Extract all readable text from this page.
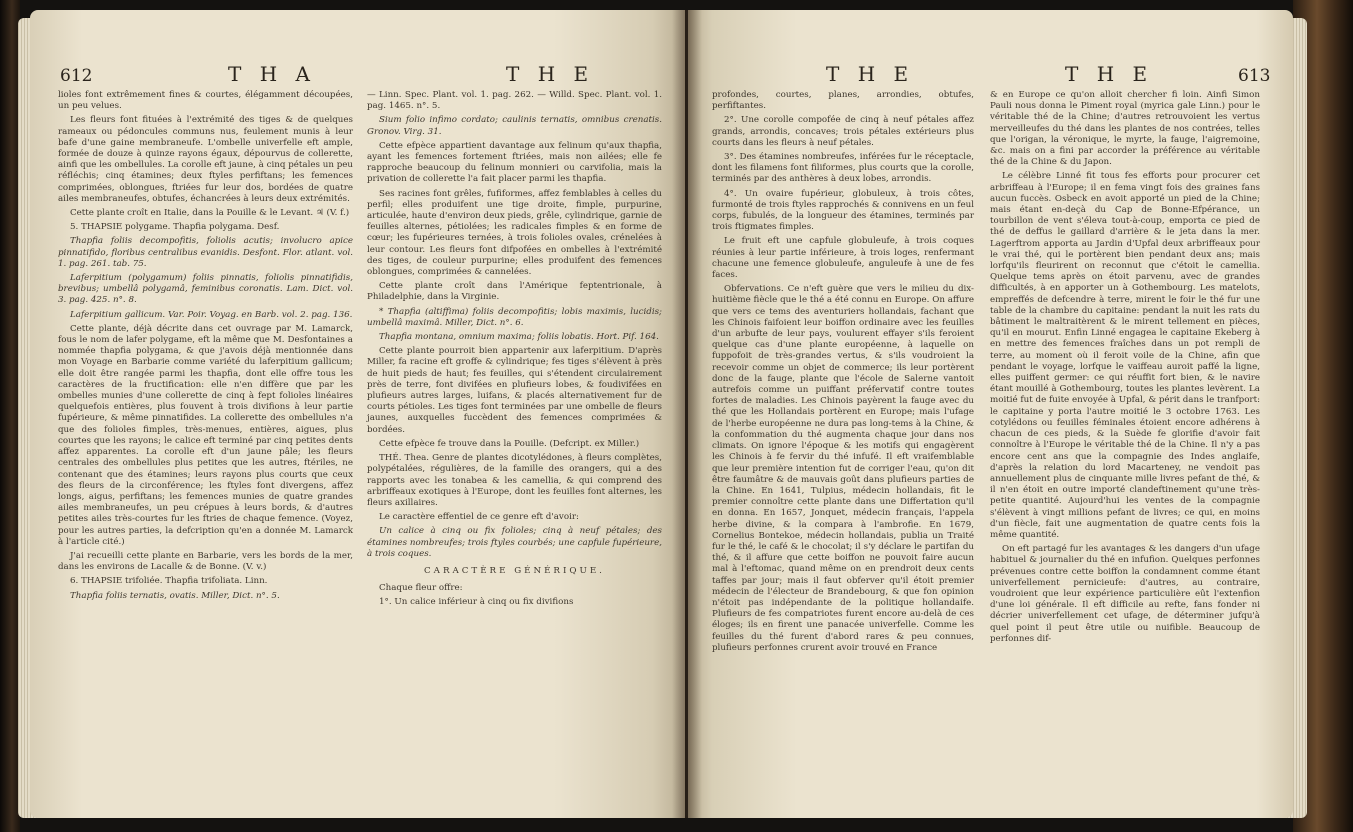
612	T H A	T H E	T H E	T H E	613

lioles font extrêmement fines & courtes, élégamment découpées, un peu velues.

Les fleurs font fituées à l'extrémité des tiges & de quelques rameaux ou pédoncules communs nus, feulement munis à leur bafe d'une gaine membraneufe. L'ombelle univerfelle eft ample, formée de douze à quinze rayons égaux, dépourvus de collerette, ainfi que les ombellules. La corolle eft jaune, à cinq pétales un peu réfléchis; cinq étamines; deux ftyles perfiftans; les femences comprimées, oblongues, ftriées fur leur dos, bordées de quatre ailes membraneufes, obtufes, échancrées à leurs deux extrémités.

Cette plante croît en Italie, dans la Pouille & le Levant. ♃ (V. f.)

5. THAPSIE polygame. Thapfia polygama. Desf.

Thapfia foliis decompofitis, foliolis acutis; involucro apice pinnatifido, floribus centralibus evanidis. Desfont. Flor. atlant. vol. 1. pag. 261. tab. 75.

Laferpitium (polygamum) foliis pinnatis, foliolis pinnatifidis, brevibus; umbellâ polygamâ, feminibus coronatis. Lam. Dict. vol. 3. pag. 425. n°. 8.

Laferpitium gallicum. Var. Poir. Voyag. en Barb. vol. 2. pag. 136.

Cette plante, déjà décrite dans cet ouvrage par M. Lamarck, fous le nom de lafer polygame, eft la même que M. Desfontaines a nommée thapfia polygama, & que j'avois déjà mentionnée dans mon Voyage en Barbarie comme variété du laferpitium gallicum; elle doit être rangée parmi les thapfia, dont elle offre tous les caractères de la fructification: elle n'en diffère que par les ombelles munies d'une collerette de cinq à fept folioles linéaires quelquefois entières, plus fouvent à trois divifions à leur partie fupérieure, & même pinnatifides. La collerette des ombellules n'a que des folioles fimples, très-menues, entières, aigues, plus courtes que les rayons; le calice eft terminé par cinq petites dents affez apparentes. La corolle eft d'un jaune pâle; les fleurs centrales des ombellules plus petites que les autres, ftériles, ne contenant que des étamines; leurs rayons plus courts que ceux des fleurs de la circonférence; les ftyles font divergens, affez longs, aigus, perfiftans; les femences munies de quatre grandes ailes membraneufes, un peu crépues à leurs bords, & d'autres petites ailes très-courtes fur les ftries de chaque femence. (Voyez, pour les autres parties, la defcription qu'en a donnée M. Lamarck à l'article cité.)

J'ai recueilli cette plante en Barbarie, vers les bords de la mer, dans les environs de Lacalle & de Bonne. (V. v.)

6. THAPSIE trifoliée. Thapfia trifoliata. Linn.

Thapfia foliis ternatis, ovatis. Miller, Dict. n°. 5.

— Linn. Spec. Plant. vol. 1. pag. 262. — Willd. Spec. Plant. vol. 1. pag. 1465. n°. 5.

Sium folio infimo cordato; caulinis ternatis, omnibus crenatis. Gronov. Virg. 31.

Cette efpèce appartient davantage aux felinum qu'aux thapfia, ayant les femences fortement ftriées, mais non ailées; elle fe rapproche beaucoup du felinum monnieri ou carvifolia, mais la privation de collerette l'a fait placer parmi les thapfia.

Ses racines font grêles, fufiformes, affez femblables à celles du perfil; elles produifent une tige droite, fimple, purpurine, articulée, haute d'environ deux pieds, grêle, cylindrique, garnie de feuilles alternes, pétiolées; les radicales fimples & en forme de cœur; les fupérieures ternées, à trois folioles ovales, crénelées à leur contour. Les fleurs font difpofées en ombelles à l'extrémité des tiges, de couleur purpurine; elles produifent des femences oblongues, comprimées & cannelées.

Cette plante croît dans l'Amérique feptentrionale, à Philadelphie, dans la Virginie.

* Thapfia (altiffima) foliis decompofitis; lobis maximis, lucidis; umbellâ maximâ. Miller, Dict. n°. 6.

Thapfia montana, omnium maxima; foliis lobatis. Hort. Pif. 164.

Cette plante pourroit bien appartenir aux laferpitium. D'après Miller, fa racine eft groffe & cylindrique; fes tiges s'élèvent à près de huit pieds de haut; fes feuilles, qui s'étendent circulairement près de terre, font divifées en plufieurs lobes, & foudivifées en plufieurs autres larges, luifans, & placés alternativement fur de courts pétioles. Les tiges font terminées par une ombelle de fleurs jaunes, auxquelles fuccèdent des femences comprimées & bordées.

Cette efpèce fe trouve dans la Pouille. (Defcript. ex Miller.)

THÉ. Thea. Genre de plantes dicotylédones, à fleurs complètes, polypétalées, régulières, de la famille des orangers, qui a des rapports avec les tonabea & les camellia, & qui comprend des arbriffeaux exotiques à l'Europe, dont les feuilles font alternes, les fleurs axillaires.

Le caractère effentiel de ce genre eft d'avoir:

Un calice à cinq ou fix folioles; cinq à neuf pétales; des étamines nombreufes; trois ftyles courbés; une capfule fupérieure, à trois coques.

CARACTÈRE GÉNÉRIQUE.

Chaque fleur offre:

1°. Un calice inférieur à cinq ou fix divifions

profondes, courtes, planes, arrondies, obtufes, perfiftantes.

2°. Une corolle compofée de cinq à neuf pétales affez grands, arrondis, concaves; trois pétales extérieurs plus courts dans les fleurs à neuf pétales.

3°. Des étamines nombreufes, inférées fur le réceptacle, dont les filamens font filiformes, plus courts que la corolle, terminés par des anthères à deux lobes, arrondis.

4°. Un ovaire fupérieur, globuleux, à trois côtes, furmonté de trois ftyles rapprochés & connivens en un feul corps, fubulés, de la longueur des étamines, terminés par trois ftigmates fimples.

Le fruit eft une capfule globuleufe, à trois coques réunies à leur partie inférieure, à trois loges, renfermant chacune une femence globuleufe, anguleufe à une de fes faces.

Obfervations. Ce n'eft guère que vers le milieu du dix-huitième fiècle que le thé a été connu en Europe. On affure que vers ce tems des aventuriers hollandais, fachant que les Chinois faifoient leur boiffon ordinaire avec les feuilles d'un arbufte de leur pays, voulurent effayer s'ils feroient quelque cas d'une plante européenne, à laquelle on fuppofoit de très-grandes vertus, & s'ils voudroient la recevoir comme un objet de commerce; ils leur portèrent donc de la fauge, plante que l'école de Salerne vantoit autrefois comme un puiffant préfervatif contre toutes fortes de maladies. Les Chinois payèrent la fauge avec du thé que les Hollandais portèrent en Europe; mais l'ufage de l'herbe européenne ne dura pas long-tems à la Chine, & la confommation du thé augmenta chaque jour dans nos climats. On ignore l'époque & les motifs qui engagèrent les Chinois à fe fervir du thé infufé. Il eft vraifemblable que leur première intention fut de corriger l'eau, qu'on dit être faumâtre & de mauvais goût dans plufieurs parties de la Chine. En 1641, Tulpius, médecin hollandais, fit le premier connoître cette plante dans une Differtation qu'il en donna. En 1657, Jonquet, médecin français, l'appela herbe divine, & la compara à l'ambrofie. En 1679, Cornelius Bontekoe, médecin hollandais, publia un Traité fur le thé, le café & le chocolat; il s'y déclare le partifan du thé, & il affure que cette boiffon ne pouvoit faire aucun mal à l'eftomac, quand même on en prendroit deux cents taffes par jour; mais il faut obferver qu'il étoit premier médecin de l'électeur de Brandebourg, & que fon opinion n'étoit pas indépendante de la politique hollandaife. Plufieurs de fes compatriotes furent encore au-delà de ces éloges; ils en firent une panacée univerfelle. Comme les feuilles du thé furent d'abord rares & peu connues, plufieurs perfonnes crurent avoir trouvé en France

& en Europe ce qu'on alloit chercher fi loin. Ainfi Simon Pauli nous donna le Piment royal (myrica gale Linn.) pour le véritable thé de la Chine; d'autres retrouvoient les vertus merveilleufes du thé dans les plantes de nos contrées, telles que l'origan, la véronique, le myrte, la fauge, l'aigremoine, &c. mais on a fini par accorder la préférence au véritable thé de la Chine & du Japon.

Le célèbre Linné fit tous fes efforts pour procurer cet arbriffeau à l'Europe; il en fema vingt fois des graines fans aucun fuccès. Osbeck en avoit apporté un pied de la Chine; mais étant en-deçà du Cap de Bonne-Efpérance, un tourbillon de vent s'éleva tout-à-coup, emporta ce pied de thé de deffus le gaillard d'arrière & le jeta dans la mer. Lagerftrom apporta au Jardin d'Upfal deux arbriffeaux pour le vrai thé, qui le portèrent bien pendant deux ans; mais lorfqu'ils fleurirent on reconnut que c'étoit le camellia. Quelque tems après on étoit parvenu, avec de grandes difficultés, à en apporter un à Gothembourg. Les matelots, empreffés de defcendre à terre, mirent le foir le thé fur une table de la chambre du capitaine: pendant la nuit les rats du bâtiment le maltraitèrent & le mirent tellement en pièces, qu'il en mourut. Enfin Linné engagea le capitaine Ekeberg à en mettre des femences fraîches dans un pot rempli de terre, au moment où il feroit voile de la Chine, afin que pendant le voyage, lorfque le vaiffeau auroit paffé la ligne, elles puiffent germer: ce qui réuffit fort bien, & le navire étant mouillé à Gothembourg, toutes les plantes levèrent. La moitié fut de fuite envoyée à Upfal, & périt dans le tranfport: le capitaine y porta l'autre moitié le 3 octobre 1763. Les cotylédons ou feuilles féminales étoient encore adhérens à chacun de ces pieds, & la Suède fe glorifie d'avoir fait connoître à l'Europe le véritable thé de la Chine. Il n'y a pas encore cent ans que la compagnie des Indes anglaife, d'après la relation du lord Macarteney, ne vendoit pas annuellement plus de cinquante mille livres pefant de thé, & il n'en étoit en outre importé clandeftinement qu'une très-petite quantité. Aujourd'hui les ventes de la compagnie s'élèvent à vingt millions pefant de livres; ce qui, en moins d'un fiècle, fait une augmentation de quatre cents fois la même quantité.

On eft partagé fur les avantages & les dangers d'un ufage habituel & journalier du thé en infufion. Quelques perfonnes prévenues contre cette boiffon la condamnent comme étant univerfellement pernicieufe: d'autres, au contraire, voudroient que leur expérience particulière eût l'extenfion d'une loi générale. Il eft difficile au refte, fans fonder ni décrier univerfellement cet ufage, de déterminer jufqu'à quel point il peut être utile ou nuifible. Beaucoup de perfonnes dif-
